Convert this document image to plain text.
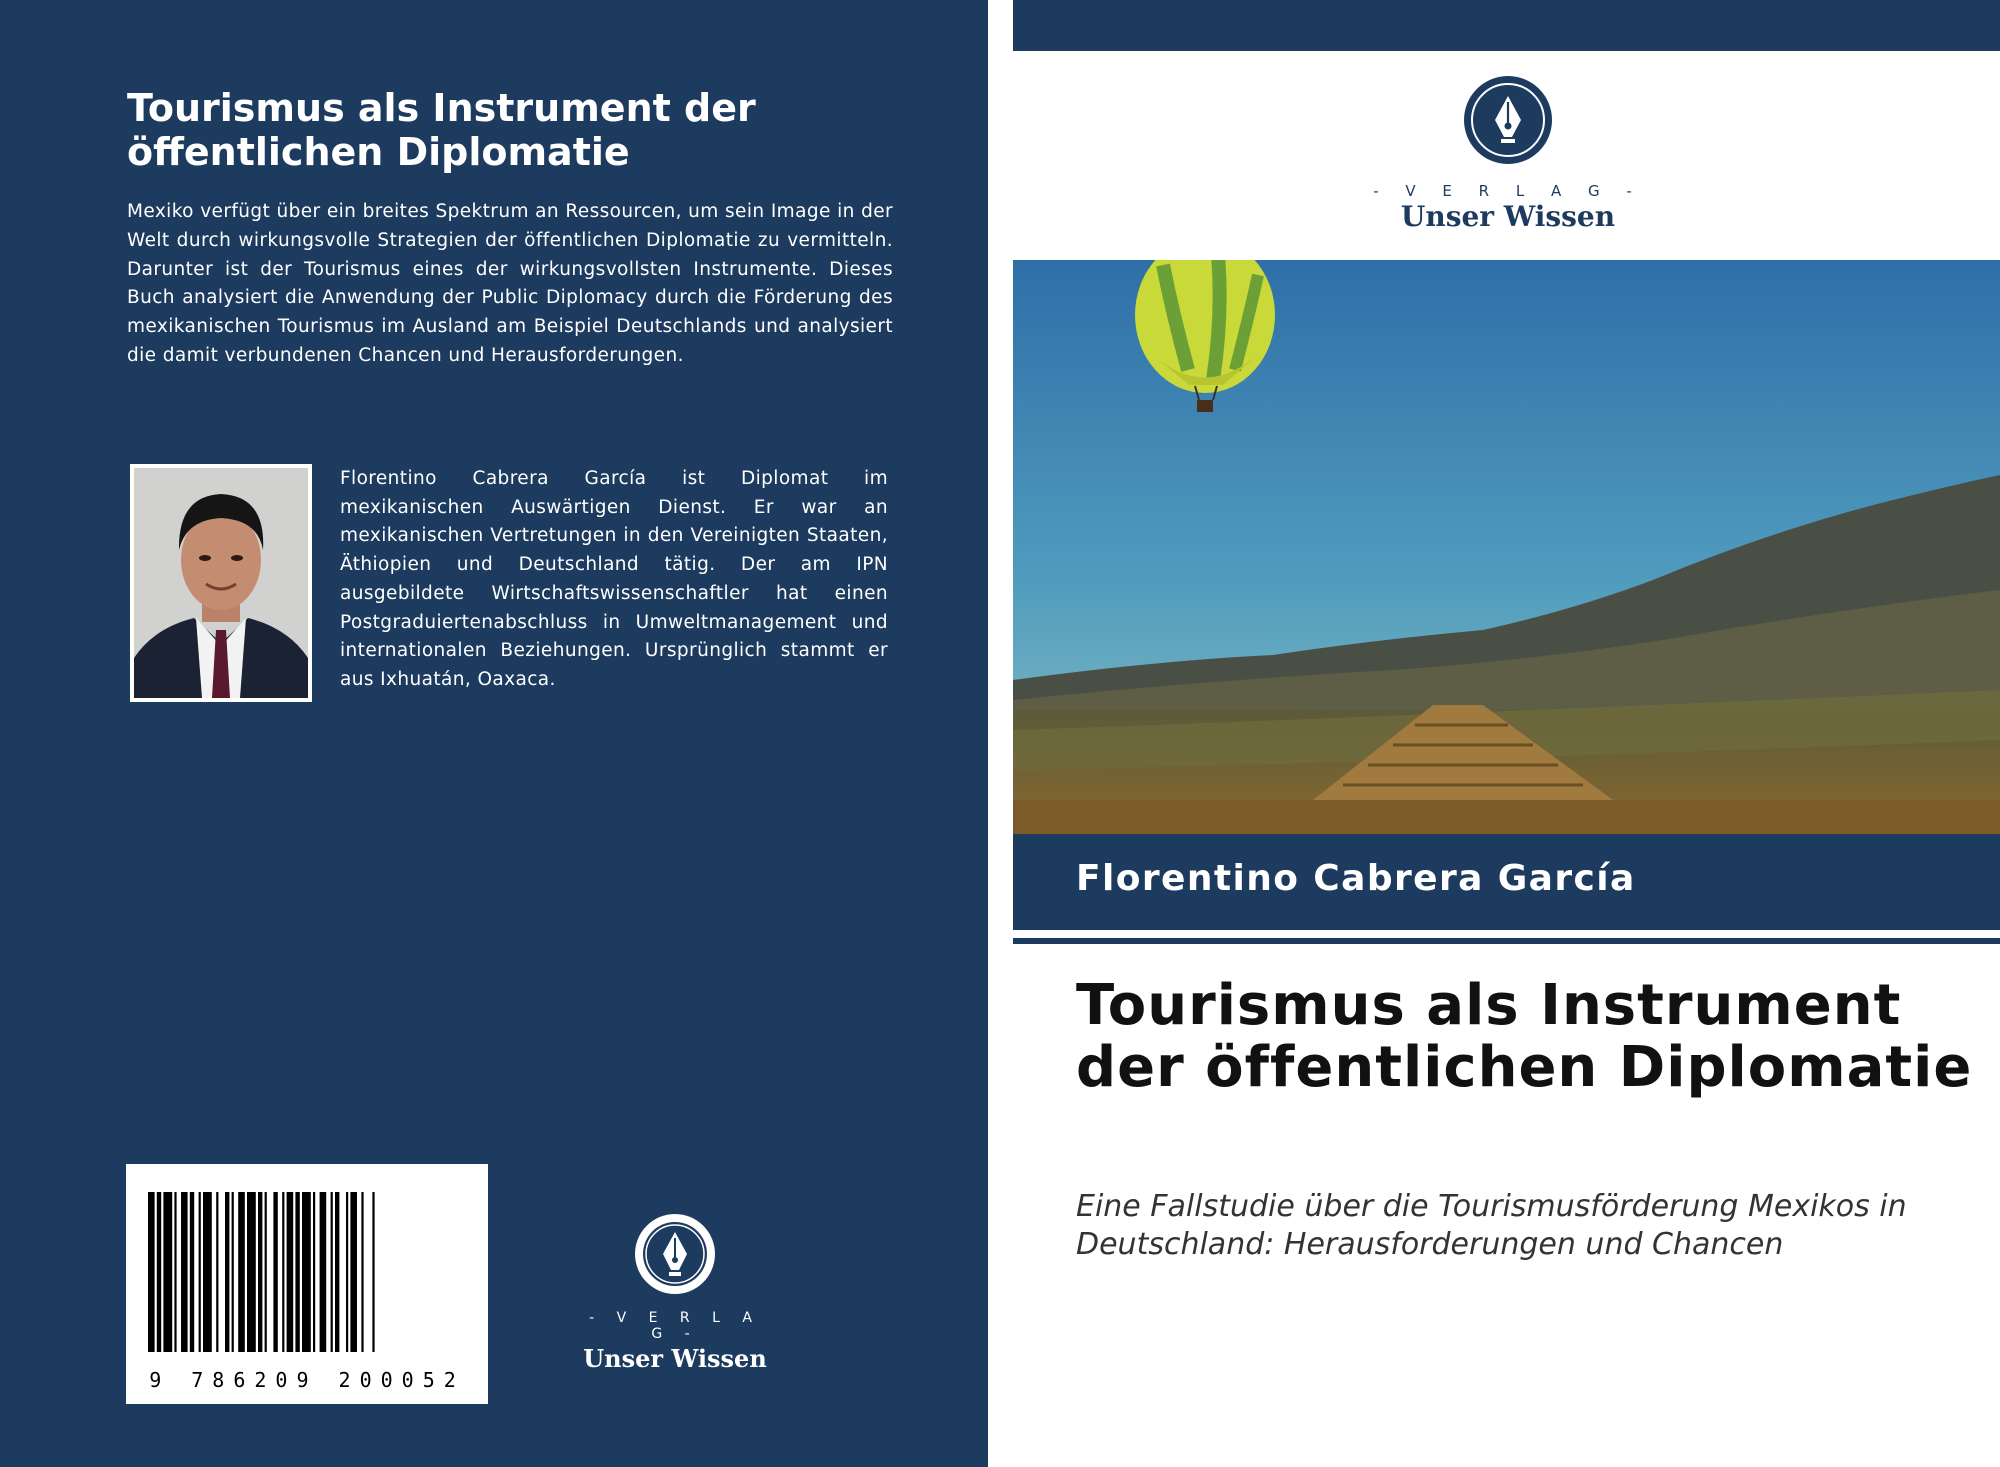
Tourismus als Instrument der öffentlichen Diplomatie

Mexiko verfügt über ein breites Spektrum an Ressourcen, um sein Image in der Welt durch wirkungsvolle Strategien der öffentlichen Diplomatie zu vermitteln. Darunter ist der Tourismus eines der wirkungsvollsten Instrumente. Dieses Buch analysiert die Anwendung der Public Diplomacy durch die Förderung des mexikanischen Tourismus im Ausland am Beispiel Deutschlands und analysiert die damit verbundenen Chancen und Herausforderungen.

Florentino Cabrera García ist Diplomat im mexikanischen Auswärtigen Dienst. Er war an mexikanischen Vertretungen in den Vereinigten Staaten, Äthiopien und Deutschland tätig. Der am IPN ausgebildete Wirtschaftswissenschaftler hat einen Postgraduiertenabschluss in Umweltmanagement und internationalen Beziehungen. Ursprünglich stammt er aus Ixhuatán, Oaxaca.

9 786209 200052
- V E R L A G -
Unser Wissen
- V E R L A G -
Unser Wissen
Florentino Cabrera García
Tourismus als Instrument der öffentlichen Diplomatie

Eine Fallstudie über die Tourismusförderung Mexikos in Deutschland: Herausforderungen und Chancen
